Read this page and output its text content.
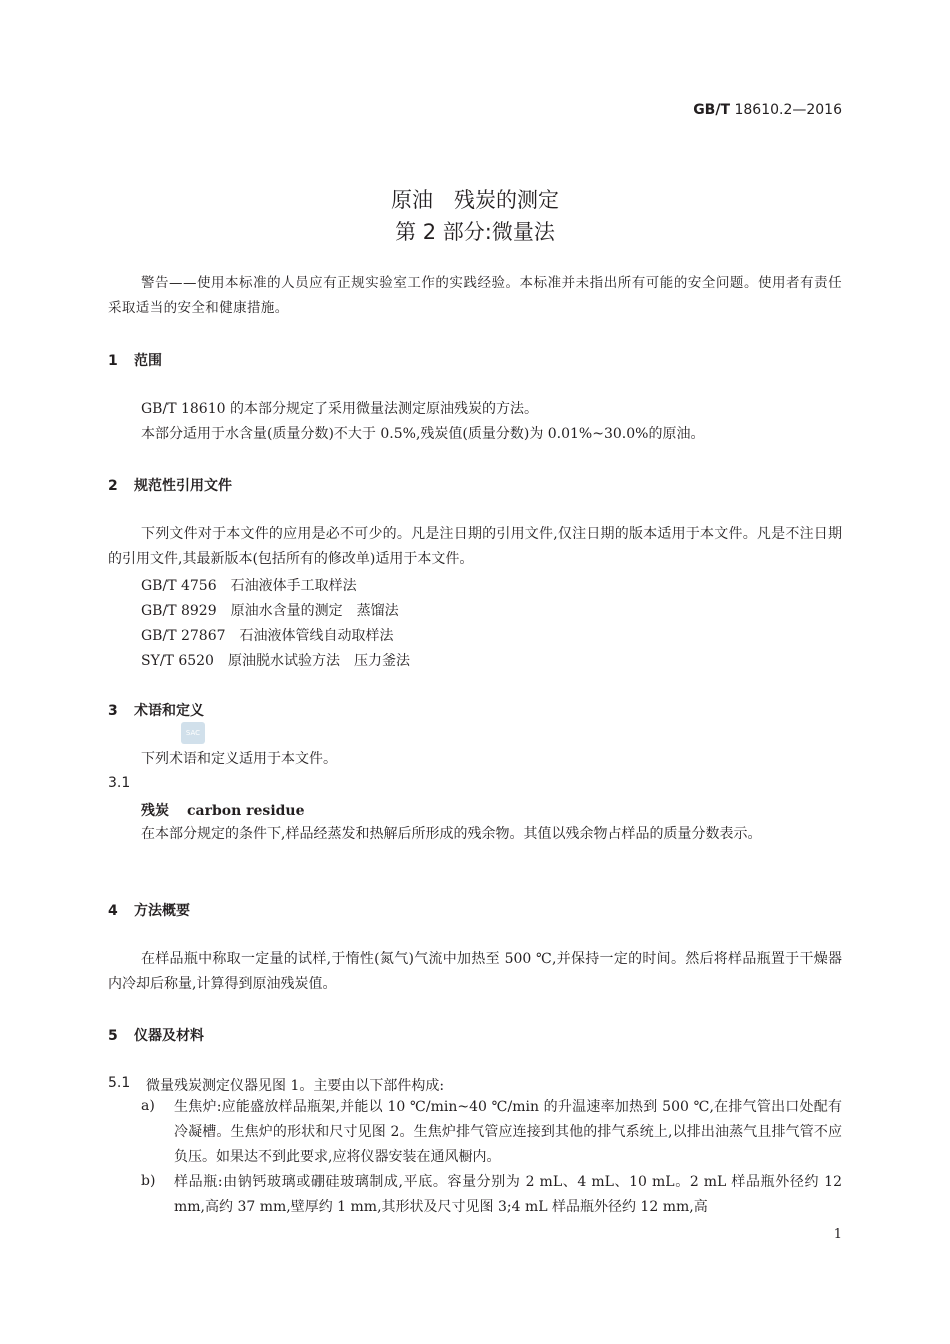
GB/T 18610.2—2016
原油　残炭的测定
第 2 部分:微量法
警告——使用本标准的人员应有正规实验室工作的实践经验。本标准并未指出所有可能的安全问题。使用者有责任采取适当的安全和健康措施。
1 范围
GB/T 18610 的本部分规定了采用微量法测定原油残炭的方法。
本部分适用于水含量(质量分数)不大于 0.5%,残炭值(质量分数)为 0.01%~30.0%的原油。
2 规范性引用文件
下列文件对于本文件的应用是必不可少的。凡是注日期的引用文件,仅注日期的版本适用于本文件。凡是不注日期的引用文件,其最新版本(包括所有的修改单)适用于本文件。
GB/T 4756　石油液体手工取样法
GB/T 8929　原油水含量的测定　蒸馏法
GB/T 27867　石油液体管线自动取样法
SY/T 6520　原油脱水试验方法　压力釜法
3 术语和定义
SAC
下列术语和定义适用于本文件。
3.1
残炭 carbon residue
在本部分规定的条件下,样品经蒸发和热解后所形成的残余物。其值以残余物占样品的质量分数表示。
4 方法概要
在样品瓶中称取一定量的试样,于惰性(氮气)气流中加热至 500 ℃,并保持一定的时间。然后将样品瓶置于干燥器内冷却后称量,计算得到原油残炭值。
5 仪器及材料
5.1 微量残炭测定仪器见图 1。主要由以下部件构成:
a) 生焦炉:应能盛放样品瓶架,并能以 10 ℃/min~40 ℃/min 的升温速率加热到 500 ℃,在排气管出口处配有冷凝槽。生焦炉的形状和尺寸见图 2。生焦炉排气管应连接到其他的排气系统上,以排出油蒸气且排气管不应负压。如果达不到此要求,应将仪器安装在通风橱内。
b) 样品瓶:由钠钙玻璃或硼硅玻璃制成,平底。容量分别为 2 mL、4 mL、10 mL。2 mL 样品瓶外径约 12 mm,高约 37 mm,壁厚约 1 mm,其形状及尺寸见图 3;4 mL 样品瓶外径约 12 mm,高
1
